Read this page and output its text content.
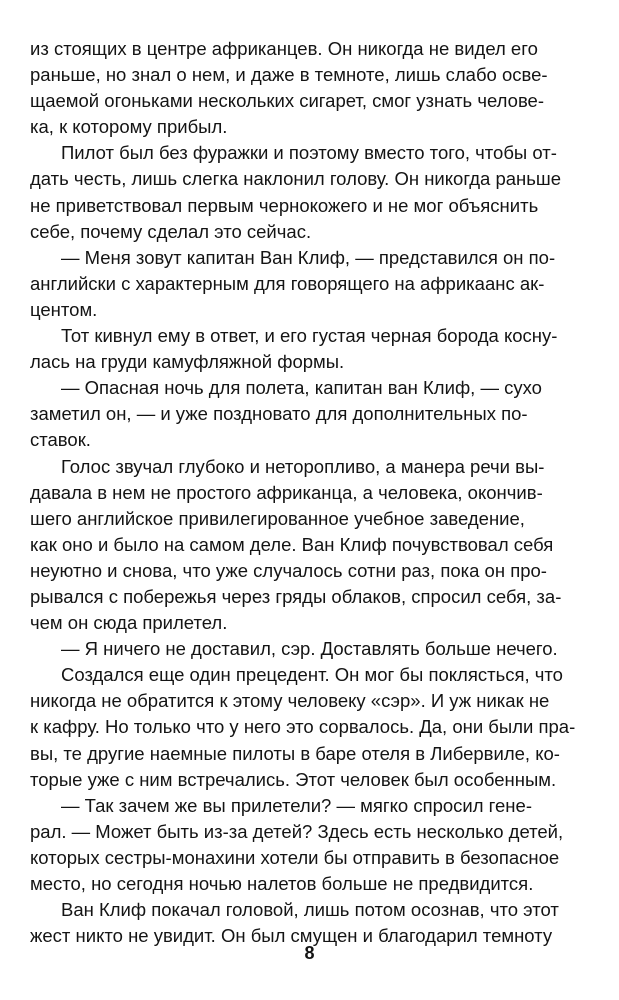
из стоящих в центре африканцев. Он никогда не видел его
раньше, но знал о нем, и даже в темноте, лишь слабо осве-
щаемой огоньками нескольких сигарет, смог узнать челове-
ка, к которому прибыл.
Пилот был без фуражки и поэтому вместо того, чтобы от-
дать честь, лишь слегка наклонил голову. Он никогда раньше
не приветствовал первым чернокожего и не мог объяснить
себе, почему сделал это сейчас.
— Меня зовут капитан Ван Клиф, — представился он по-
английски с характерным для говорящего на африкаанс ак-
центом.
Тот кивнул ему в ответ, и его густая черная борода косну-
лась на груди камуфляжной формы.
— Опасная ночь для полета, капитан ван Клиф, — сухо
заметил он, — и уже поздновато для дополнительных по-
ставок.
Голос звучал глубоко и неторопливо, а манера речи вы-
давала в нем не простого африканца, а человека, окончив-
шего английское привилегированное учебное заведение,
как оно и было на самом деле. Ван Клиф почувствовал себя
неуютно и снова, что уже случалось сотни раз, пока он про-
рывался с побережья через гряды облаков, спросил себя, за-
чем он сюда прилетел.
— Я ничего не доставил, сэр. Доставлять больше нечего.
Создался еще один прецедент. Он мог бы поклясться, что
никогда не обратится к этому человеку «сэр». И уж никак не
к кафру. Но только что у него это сорвалось. Да, они были пра-
вы, те другие наемные пилоты в баре отеля в Либервиле, ко-
торые уже с ним встречались. Этот человек был особенным.
— Так зачем же вы прилетели? — мягко спросил гене-
рал. — Может быть из-за детей? Здесь есть несколько детей,
которых сестры-монахини хотели бы отправить в безопасное
место, но сегодня ночью налетов больше не предвидится.
Ван Клиф покачал головой, лишь потом осознав, что этот
жест никто не увидит. Он был смущен и благодарил темноту
8
